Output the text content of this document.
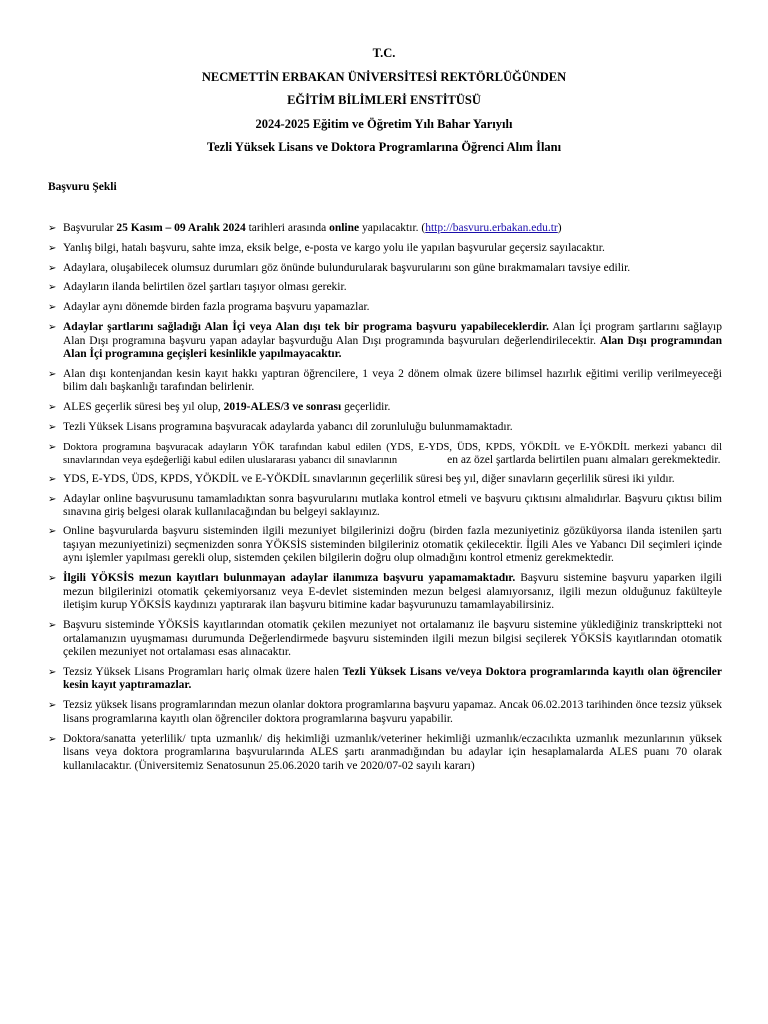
T.C.
NECMETTİN ERBAKAN ÜNİVERSİTESİ REKTÖRLÜĞÜNDEN
EĞİTİM BİLİMLERİ ENSTİTÜSÜ
2024-2025 Eğitim ve Öğretim Yılı Bahar Yarıyılı
Tezli Yüksek Lisans ve Doktora Programlarına Öğrenci Alım İlanı
Başvuru Şekli
➢ Başvurular 25 Kasım – 09 Aralık 2024 tarihleri arasında online yapılacaktır. (http://basvuru.erbakan.edu.tr)
➢ Yanlış bilgi, hatalı başvuru, sahte imza, eksik belge, e-posta ve kargo yolu ile yapılan başvurular geçersiz sayılacaktır.
➢ Adaylara, oluşabilecek olumsuz durumları göz önünde bulundurularak başvurularını son güne bırakmamaları tavsiye edilir.
➢ Adayların ilanda belirtilen özel şartları taşıyor olması gerekir.
➢ Adaylar aynı dönemde birden fazla programa başvuru yapamazlar.
➢ Adaylar şartlarını sağladığı Alan İçi veya Alan dışı tek bir programa başvuru yapabileceklerdir. Alan İçi program şartlarını sağlayıp Alan Dışı programına başvuru yapan adaylar başvurduğu Alan Dışı programında başvuruları değerlendirilecektir. Alan Dışı programından Alan İçi programına geçişleri kesinlikle yapılmayacaktır.
➢ Alan dışı kontenjandan kesin kayıt hakkı yaptıran öğrencilere, 1 veya 2 dönem olmak üzere bilimsel hazırlık eğitimi verilip verilmeyeceği bilim dalı başkanlığı tarafından belirlenir.
➢ ALES geçerlik süresi beş yıl olup, 2019-ALES/3 ve sonrası geçerlidir.
➢ Tezli Yüksek Lisans programına başvuracak adaylarda yabancı dil zorunluluğu bulunmamaktadır.
➢ Doktora programına başvuracak adayların YÖK tarafından kabul edilen (YDS, E-YDS, ÜDS, KPDS, YÖKDİL ve E-YÖKDİL merkezi yabancı dil sınavlarından veya eşdeğerliği kabul edilen uluslararası yabancı dil sınavlarının	en az özel şartlarda belirtilen puanı almaları gerekmektedir.
➢ YDS, E-YDS, ÜDS, KPDS, YÖKDİL ve E-YÖKDİL sınavlarının geçerlilik süresi beş yıl, diğer sınavların geçerlilik süresi iki yıldır.
➢ Adaylar online başvurusunu tamamladıktan sonra başvurularını mutlaka kontrol etmeli ve başvuru çıktısını almalıdırlar. Başvuru çıktısı bilim sınavına giriş belgesi olarak kullanılacağından bu belgeyi saklayınız.
➢ Online başvurularda başvuru sisteminden ilgili mezuniyet bilgilerinizi doğru (birden fazla mezuniyetiniz gözüküyorsa ilanda istenilen şartı taşıyan mezuniyetinizi) seçmenizden sonra YÖKSİS sisteminden bilgileriniz otomatik çekilecektir. İlgili Ales ve Yabancı Dil seçimleri içinde aynı işlemler yapılması gerekli olup, sistemden çekilen bilgilerin doğru olup olmadığını kontrol etmeniz gerekmektedir.
➢ İlgili YÖKSİS mezun kayıtları bulunmayan adaylar ilanımıza başvuru yapamamaktadır. Başvuru sistemine başvuru yaparken ilgili mezun bilgilerinizi otomatik çekemiyorsanız veya E-devlet sisteminden mezun belgesi alamıyorsanız, ilgili mezun olduğunuz fakülteyle iletişim kurup YÖKSİS kaydınızı yaptırarak ilan başvuru bitimine kadar başvurunuzu tamamlayabilirsiniz.
➢ Başvuru sisteminde YÖKSİS kayıtlarından otomatik çekilen mezuniyet not ortalamanız ile başvuru sistemine yüklediğiniz transkriptteki not ortalamanızın uyuşmaması durumunda Değerlendirmede başvuru sisteminden ilgili mezun bilgisi seçilerek YÖKSİS kayıtlarından otomatik çekilen mezuniyet not ortalaması esas alınacaktır.
➢ Tezsiz Yüksek Lisans Programları hariç olmak üzere halen Tezli Yüksek Lisans ve/veya Doktora programlarında kayıtlı olan öğrenciler kesin kayıt yaptıramazlar.
➢ Tezsiz yüksek lisans programlarından mezun olanlar doktora programlarına başvuru yapamaz. Ancak 06.02.2013 tarihinden önce tezsiz yüksek lisans programlarına kayıtlı olan öğrenciler doktora programlarına başvuru yapabilir.
➢ Doktora/sanatta yeterlilik/ tıpta uzmanlık/ diş hekimliği uzmanlık/veteriner hekimliği uzmanlık/eczacılıkta uzmanlık mezunlarının yüksek lisans veya doktora programlarına başvurularında ALES şartı aranmadığından bu adaylar için hesaplamalarda ALES puanı 70 olarak kullanılacaktır. (Üniversitemiz Senatosunun 25.06.2020 tarih ve 2020/07-02 sayılı kararı)
